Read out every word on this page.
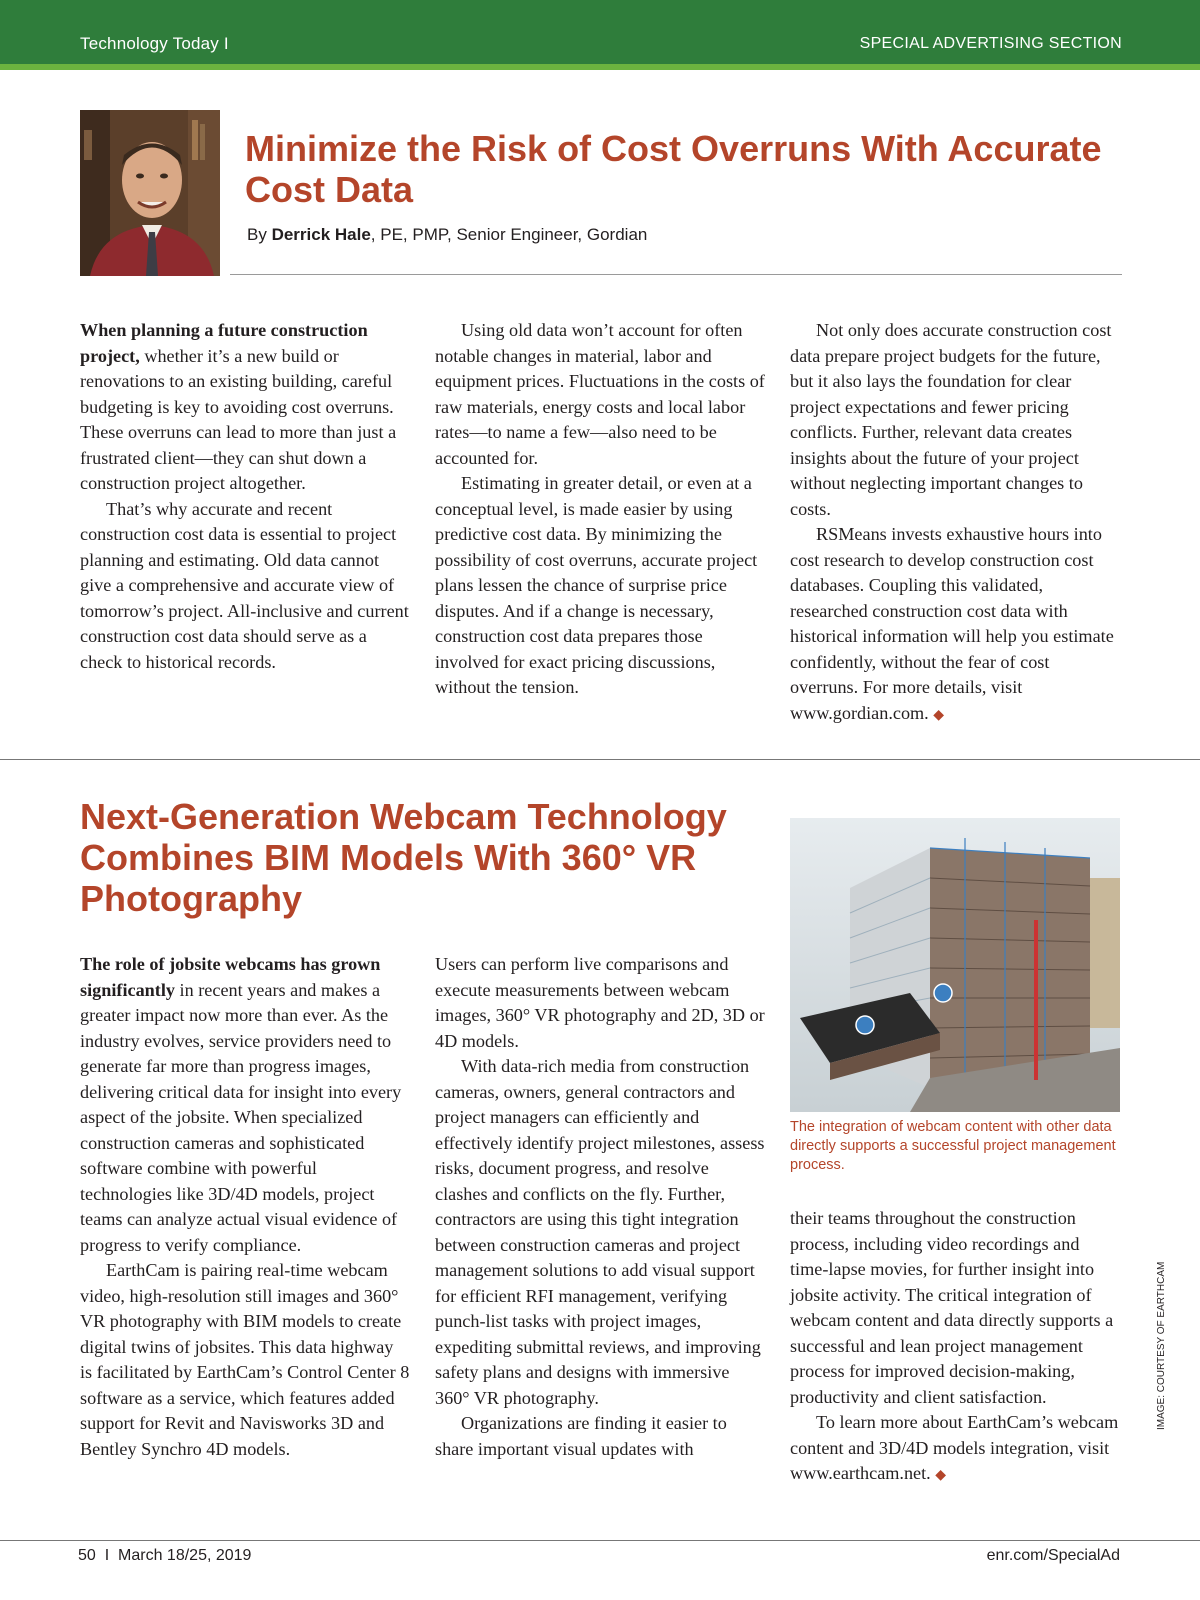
Technology Today I	SPECIAL ADVERTISING SECTION
Minimize the Risk of Cost Overruns With Accurate Cost Data
By Derrick Hale, PE, PMP, Senior Engineer, Gordian

When planning a future construction project, whether it’s a new build or renovations to an existing building, careful budgeting is key to avoiding cost overruns. These overruns can lead to more than just a frustrated client—they can shut down a construction project altogether.

That’s why accurate and recent construction cost data is essential to project planning and estimating. Old data cannot give a comprehensive and accurate view of tomorrow’s project. All-inclusive and current construction cost data should serve as a check to historical records.

Using old data won’t account for often notable changes in material, labor and equipment prices. Fluctuations in the costs of raw materials, energy costs and local labor rates—to name a few—also need to be accounted for.

Estimating in greater detail, or even at a conceptual level, is made easier by using predictive cost data. By minimizing the possibility of cost overruns, accurate project plans lessen the chance of surprise price disputes. And if a change is necessary, construction cost data prepares those involved for exact pricing discussions, without the tension.

Not only does accurate construction cost data prepare project budgets for the future, but it also lays the foundation for clear project expectations and fewer pricing conflicts. Further, relevant data creates insights about the future of your project without neglecting important changes to costs.

RSMeans invests exhaustive hours into cost research to develop construction cost databases. Coupling this validated, researched construction cost data with historical information will help you estimate confidently, without the fear of cost overruns. For more details, visit www.gordian.com. ◆

Next-Generation Webcam Technology Combines BIM Models With 360° VR Photography

The role of jobsite webcams has grown significantly in recent years and makes a greater impact now more than ever. As the industry evolves, service providers need to generate far more than progress images, delivering critical data for insight into every aspect of the jobsite. When specialized construction cameras and sophisticated software combine with powerful technologies like 3D/4D models, project teams can analyze actual visual evidence of progress to verify compliance.

EarthCam is pairing real-time webcam video, high-resolution still images and 360° VR photography with BIM models to create digital twins of jobsites. This data highway is facilitated by EarthCam’s Control Center 8 software as a service, which features added support for Revit and Navisworks 3D and Bentley Synchro 4D models.

Users can perform live comparisons and execute measurements between webcam images, 360° VR photography and 2D, 3D or 4D models.

With data-rich media from construction cameras, owners, general contractors and project managers can efficiently and effectively identify project milestones, assess risks, document progress, and resolve clashes and conflicts on the fly. Further, contractors are using this tight integration between construction cameras and project management solutions to add visual support for efficient RFI management, verifying punch-list tasks with project images, expediting submittal reviews, and improving safety plans and designs with immersive 360° VR photography.

Organizations are finding it easier to share important visual updates with

The integration of webcam content with other data directly supports a successful project management process.

their teams throughout the construction process, including video recordings and time-lapse movies, for further insight into jobsite activity. The critical integration of webcam content and data directly supports a successful and lean project management process for improved decision-making, productivity and client satisfaction.

To learn more about EarthCam’s webcam content and 3D/4D models integration, visit www.earthcam.net. ◆

IMAGE: COURTESY OF EARTHCAM
50  I  March 18/25, 2019	enr.com/SpecialAd
